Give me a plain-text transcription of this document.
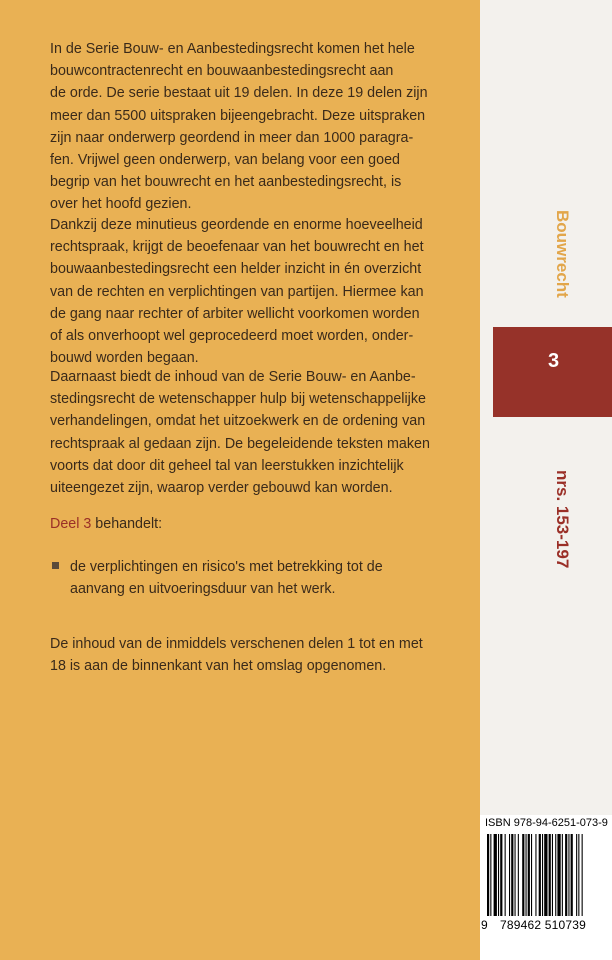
In de Serie Bouw- en Aanbestedingsrecht komen het hele

bouwcontractenrecht en bouwaanbestedingsrecht aan

de orde. De serie bestaat uit 19 delen. In deze 19 delen zijn

meer dan 5500 uitspraken bijeengebracht. Deze uitspraken

zijn naar onderwerp geordend in meer dan 1000 paragra-

fen. Vrijwel geen onderwerp, van belang voor een goed

begrip van het bouwrecht en het aanbestedingsrecht, is

over het hoofd gezien.

Dankzij deze minutieus geordende en enorme hoeveelheid

rechtspraak, krijgt de beoefenaar van het bouwrecht en het

bouwaanbestedingsrecht een helder inzicht in én overzicht

van de rechten en verplichtingen van partijen. Hiermee kan

de gang naar rechter of arbiter wellicht voorkomen worden

of als onverhoopt wel geprocedeerd moet worden, onder-

bouwd worden begaan.

Daarnaast biedt de inhoud van de Serie Bouw- en Aanbe-

stedingsrecht de wetenschapper hulp bij wetenschappelijke

verhandelingen, omdat het uitzoekwerk en de ordening van

rechtspraak al gedaan zijn. De begeleidende teksten maken

voorts dat door dit geheel tal van leerstukken inzichtelijk

uiteengezet zijn, waarop verder gebouwd kan worden.

Deel 3 behandelt:
de verplichtingen en risico's met betrekking tot de
aanvang en uitvoeringsduur van het werk.

De inhoud van de inmiddels verschenen delen 1 tot en met

18 is aan de binnenkant van het omslag opgenomen.

Bouwrecht
3
nrs. 153-197
ISBN 978-94-6251-073-9
9 789462 510739
